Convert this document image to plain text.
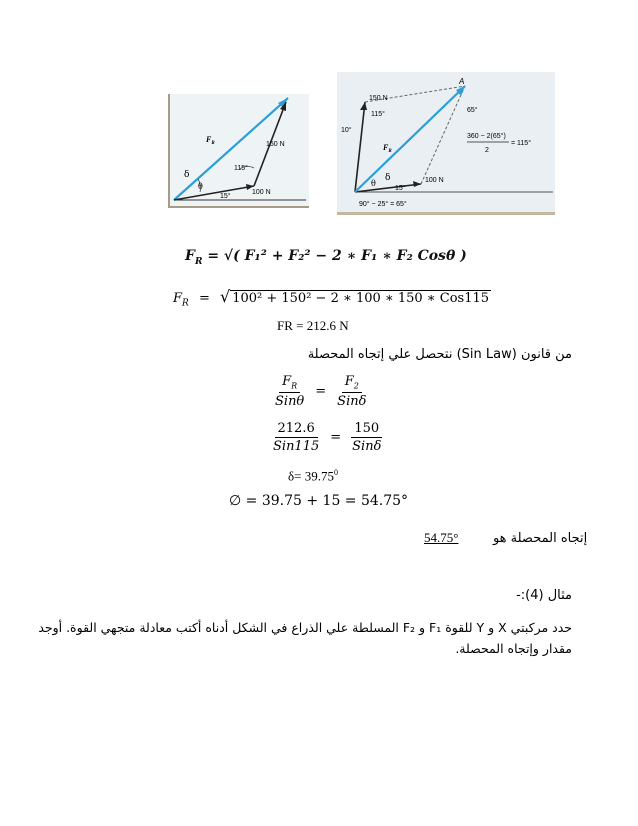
150 N
100 N
115°
15°
$F_R$
θ
δ
A
150 N
100 N
65°
115°
10°
15°
$F_R$
θ
δ
360 − 2(65°)
2
= 115°
90° − 25° = 65°
$F_R$ = √( F₁² + F₂² − 2 ∗ F₁ ∗ F₂ Cosθ )
$F_R$ = √ 100² + 150² − 2 ∗ 100 ∗ 150 ∗ Cos115
FR = 212.6 N
من قانون (Sin Law) نتحصل علي إتجاه المحصلة
$\frac{F_R}{\text{Sinθ}} = \frac{F_2}{\text{Sinδ}}$
$\frac{212.6}{\text{Sin115}} = \frac{150}{\text{Sinδ}}$
$\delta= 39.75^0$
∅ = 39.75 + 15 = 54.75°
54.75°	إتجاه المحصلة هو
مثال (4):-
حدد مركبتي X و Y للقوة F₁ و F₂ المسلطة علي الذراع في الشكل أدناه أكتب معادلة متجهي القوة. أوجد
مقدار وإتجاه المحصلة.
